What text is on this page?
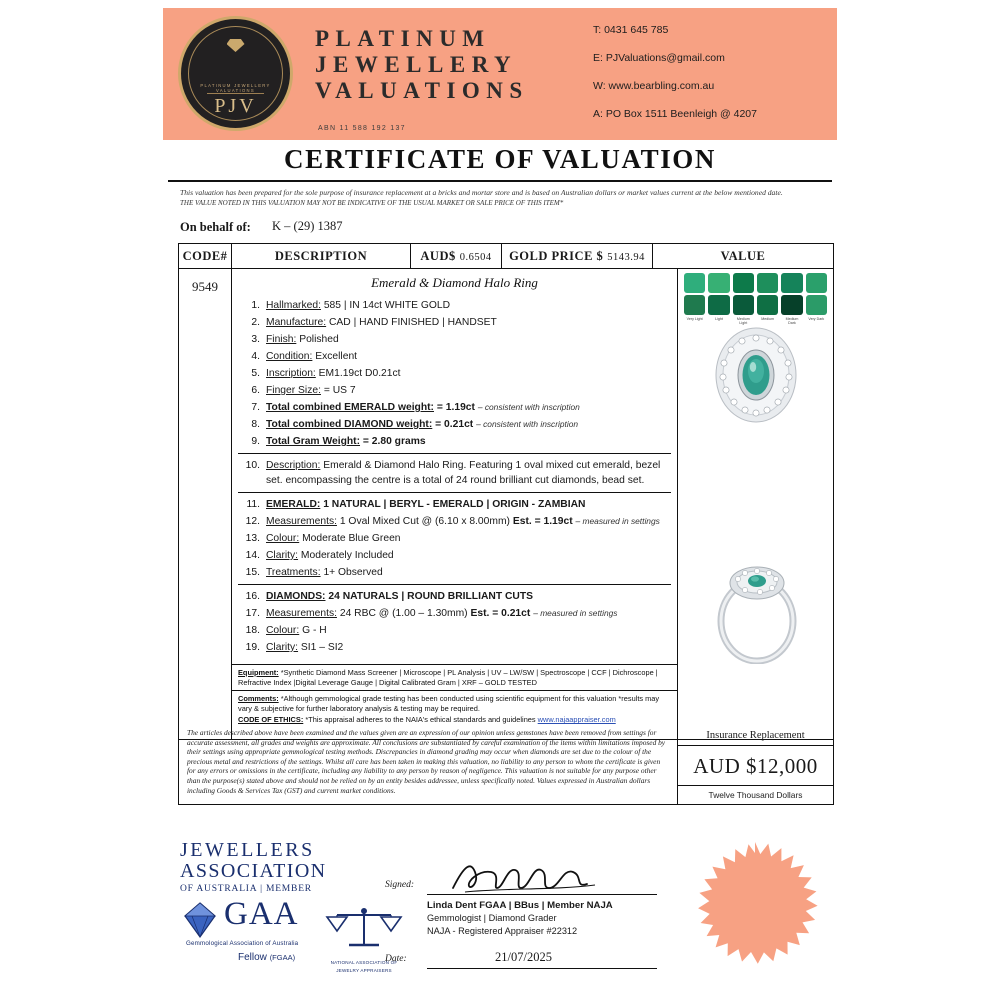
PJV
PLATINUM JEWELLERY VALUATIONS
PLATINUM
JEWELLERY
VALUATIONS
ABN 11 588 192 137
T: 0431 645 785
E: PJValuations@gmail.com
W: www.bearbling.com.au
A: PO Box 1511 Beenleigh @ 4207
CERTIFICATE OF VALUATION
This valuation has been prepared for the sole purpose of insurance replacement at a bricks and mortar store and is based on Australian dollars or market values current at the below mentioned date.
THE VALUE NOTED IN THIS VALUATION MAY NOT BE INDICATIVE OF THE USUAL MARKET OR SALE PRICE OF THIS ITEM*
On behalf of: K – (29) 1387
CODE#	DESCRIPTION	AUD$ 0.6504	GOLD PRICE $ 5143.94	VALUE
9549	Emerald & Diamond Halo Ring
1. Hallmarked: 585 | IN 14ct WHITE GOLD
2. Manufacture: CAD | HAND FINISHED | HANDSET
3. Finish: Polished
4. Condition: Excellent
5. Inscription: EM1.19ct D0.21ct
6. Finger Size: = US 7
7. Total combined EMERALD weight: = 1.19ct – consistent with inscription
8. Total combined DIAMOND weight: = 0.21ct – consistent with inscription
9. Total Gram Weight: = 2.80 grams
10. Description: Emerald & Diamond Halo Ring. Featuring 1 oval mixed cut emerald, bezel set. encompassing the centre is a total of 24 round brilliant cut diamonds, bead set.
11. EMERALD: 1 NATURAL | BERYL - EMERALD | ORIGIN - ZAMBIAN
12. Measurements: 1 Oval Mixed Cut @ (6.10 x 8.00mm) Est. = 1.19ct – measured in settings
13. Colour: Moderate Blue Green
14. Clarity: Moderately Included
15. Treatments: 1+ Observed
16. DIAMONDS: 24 NATURALS | ROUND BRILLIANT CUTS
17. Measurements: 24 RBC @ (1.00 – 1.30mm) Est. = 0.21ct – measured in settings
18. Colour: G - H
19. Clarity: SI1 – SI2
Equipment: *Synthetic Diamond Mass Screener | Microscope | PL Analysis | UV – LW/SW | Spectroscope | CCF | Dichroscope | Refractive Index |Digital Leverage Gauge | Digital Calibrated Gram | XRF – GOLD TESTED
Comments: *Although gemmological grade testing has been conducted using scientific equipment for this valuation *results may vary & subjective for further laboratory analysis & testing may be required.
CODE OF ETHICS: *This appraisal adheres to the NAIA's ethical standards and guidelines www.najaappraiser.com
Very Light	Light	Medium Light
Medium	Medium Dark
Very Dark
The articles described above have been examined and the values given are an expression of our opinion unless gemstones have been removed from settings for accurate assessment, all grades and weights are approximate. All conclusions are substantiated by careful examination of the items within limitations imposed by their settings using appropriate gemmological testing methods. Discrepancies in diamond grading may occur when diamonds are set due to the colour of the precious metal and restrictions of the settings. Whilst all care has been taken in making this valuation, no liability to any person to whom the certificate is given for any errors or omissions in the certificate, including any liability to any person by reason of negligence. This valuation is not suitable for any purpose other than the purpose(s) stated above and should not be relied on by an entity besides addressee, unless specifically noted. Values expressed in Australian dollars including Goods & Services Tax (GST) and current market conditions.
Insurance Replacement
AUD $12,000
Twelve Thousand Dollars
JEWELLERS
ASSOCIATION
OF AUSTRALIA | MEMBER
GAA
Gemmological Association of Australia
Fellow (FGAA)
NATIONAL ASSOCIATION OF
JEWELRY APPRAISERS
Signed:
Linda Dent FGAA | BBus | Member NAJA
Gemmologist | Diamond Grader
NAJA - Registered Appraiser #22312
Date:	21/07/2025
